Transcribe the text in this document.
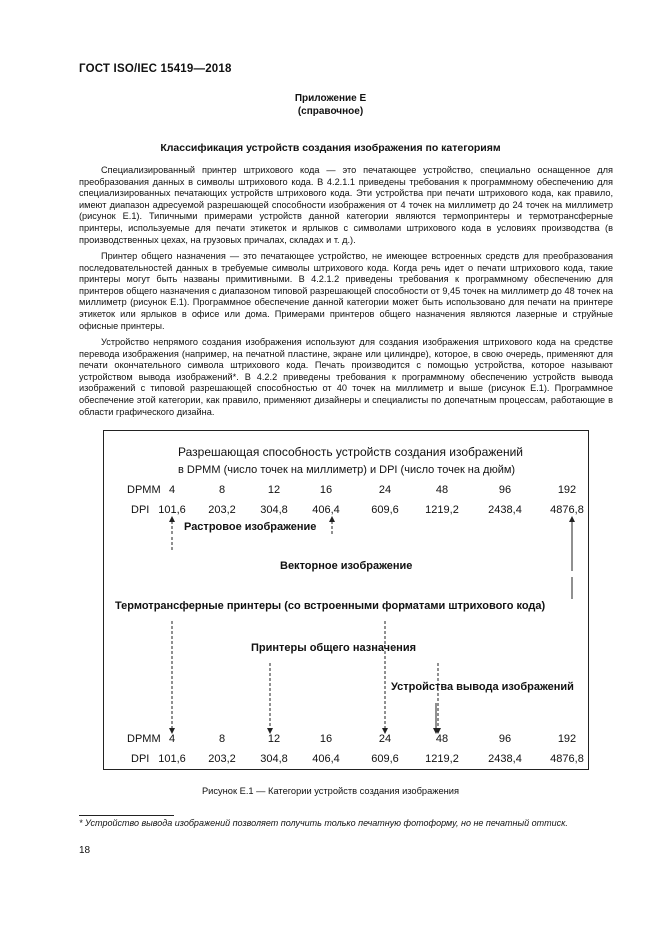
ГОСТ ISO/IEC 15419—2018
Приложение Е
(справочное)
Классификация устройств создания изображения по категориям

Специализированный принтер штрихового кода — это печатающее устройство, специально оснащенное для преобразования данных в символы штрихового кода. В 4.2.1.1 приведены требования к программному обеспечению для специализированных печатающих устройств штрихового кода. Эти устройства при печати штрихового кода, как правило, имеют диапазон адресуемой разрешающей способности изображения от 4 точек на миллиметр до 24 точек на миллиметр (рисунок Е.1). Типичными примерами устройств данной категории являются термопринтеры и термотрансферные принтеры, используемые для печати этикеток и ярлыков с символами штрихового кода в условиях производства (в производственных цехах, на грузовых причалах, складах и т. д.).

Принтер общего назначения — это печатающее устройство, не имеющее встроенных средств для преобразования последовательностей данных в требуемые символы штрихового кода. Когда речь идет о печати штрихового кода, такие принтеры могут быть названы примитивными. В 4.2.1.2 приведены требования к программному обеспечению для принтеров общего назначения с диапазоном типовой разрешающей способности от 9,45 точек на миллиметр до 48 точек на миллиметр (рисунок Е.1). Программное обеспечение данной категории может быть использовано для печати на принтере этикеток или ярлыков в офисе или дома. Примерами принтеров общего назначения являются лазерные и струйные офисные принтеры.

Устройство непрямого создания изображения используют для создания изображения штрихового кода на средстве перевода изображения (например, на печатной пластине, экране или цилиндре), которое, в свою очередь, применяют для печати окончательного символа штрихового кода. Печать производится с помощью устройства, которое называют устройством вывода изображений*. В 4.2.2 приведены требования к программному обеспечению устройств вывода изображений с типовой разрешающей способностью от 40 точек на миллиметр и выше (рисунок Е.1). Программное обеспечение этой категории, как правило, применяют дизайнеры и специалисты по допечатным процессам, работающие в области графического дизайна.

Разрешающая способность устройств создания изображений
в DPMM (число точек на миллиметр) и DPI (число точек на дюйм)
DPMM
DPI
Растровое изображение
Векторное изображение
Термотрансферные принтеры (со встроенными форматами штрихового кода)
Принтеры общего назначения
Устройства вывода изображений
DPMM
DPI
4	8	12	16	24	48	96	192
101,6	203,2	304,8	406,4	609,6	1219,2	2438,4	4876,8
4	8	12	16	24	48	96	192
101,6	203,2	304,8	406,4	609,6	1219,2	2438,4	4876,8
Рисунок Е.1 — Категории устройств создания изображения
* Устройство вывода изображений позволяет получить только печатную фотоформу, но не печатный оттиск.
18
